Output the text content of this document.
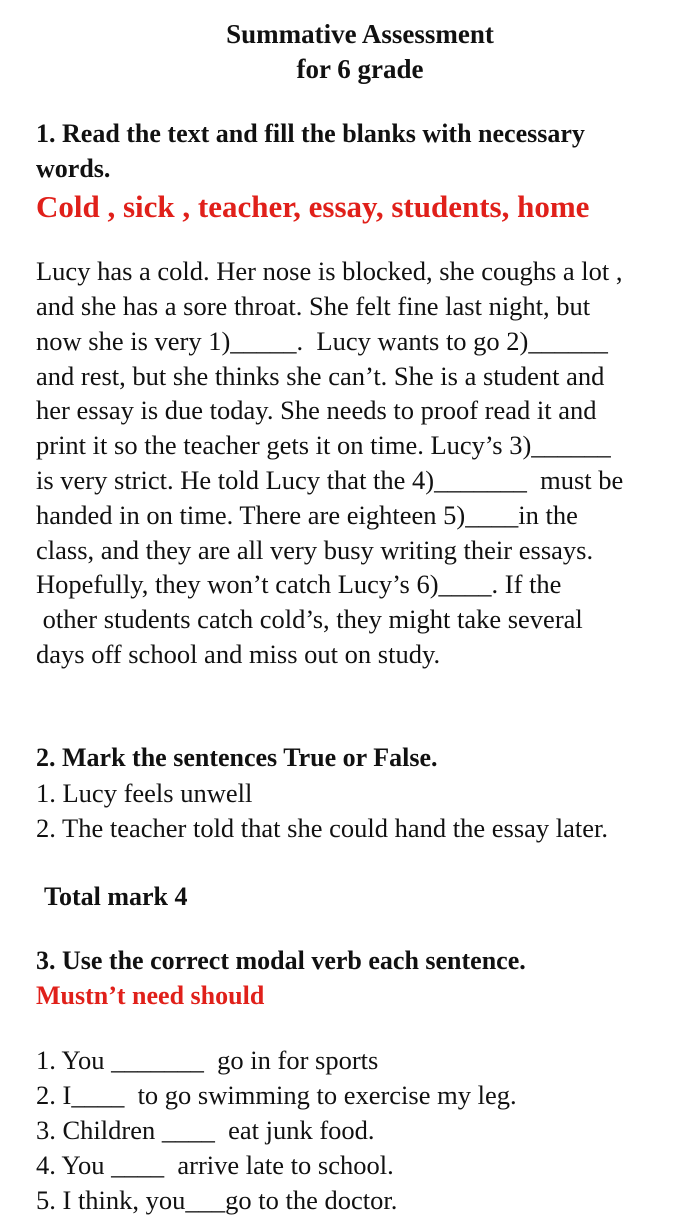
Summative Assessment
for 6 grade
1. Read the text and fill the blanks with necessary
words.
Cold , sick , teacher, essay, students, home
Lucy has a cold. Her nose is blocked, she coughs a lot ,
and she has a sore throat. She felt fine last night, but
now she is very 1)_____.  Lucy wants to go 2)______
and rest, but she thinks she can’t. She is a student and
her essay is due today. She needs to proof read it and
print it so the teacher gets it on time. Lucy’s 3)______
is very strict. He told Lucy that the 4)_______  must be
handed in on time. There are eighteen 5)____in the
class, and they are all very busy writing their essays.
Hopefully, they won’t catch Lucy’s 6)____. If the
other students catch cold’s, they might take several
days off school and miss out on study.
2. Mark the sentences True or False.
1. Lucy feels unwell
2. The teacher told that she could hand the essay later.
Total mark 4
3. Use the correct modal verb each sentence.
Mustn’t need should
1. You _______  go in for sports
2. I____  to go swimming to exercise my leg.
3. Children ____  eat junk food.
4. You ____  arrive late to school.
5. I think, you___go to the doctor.
